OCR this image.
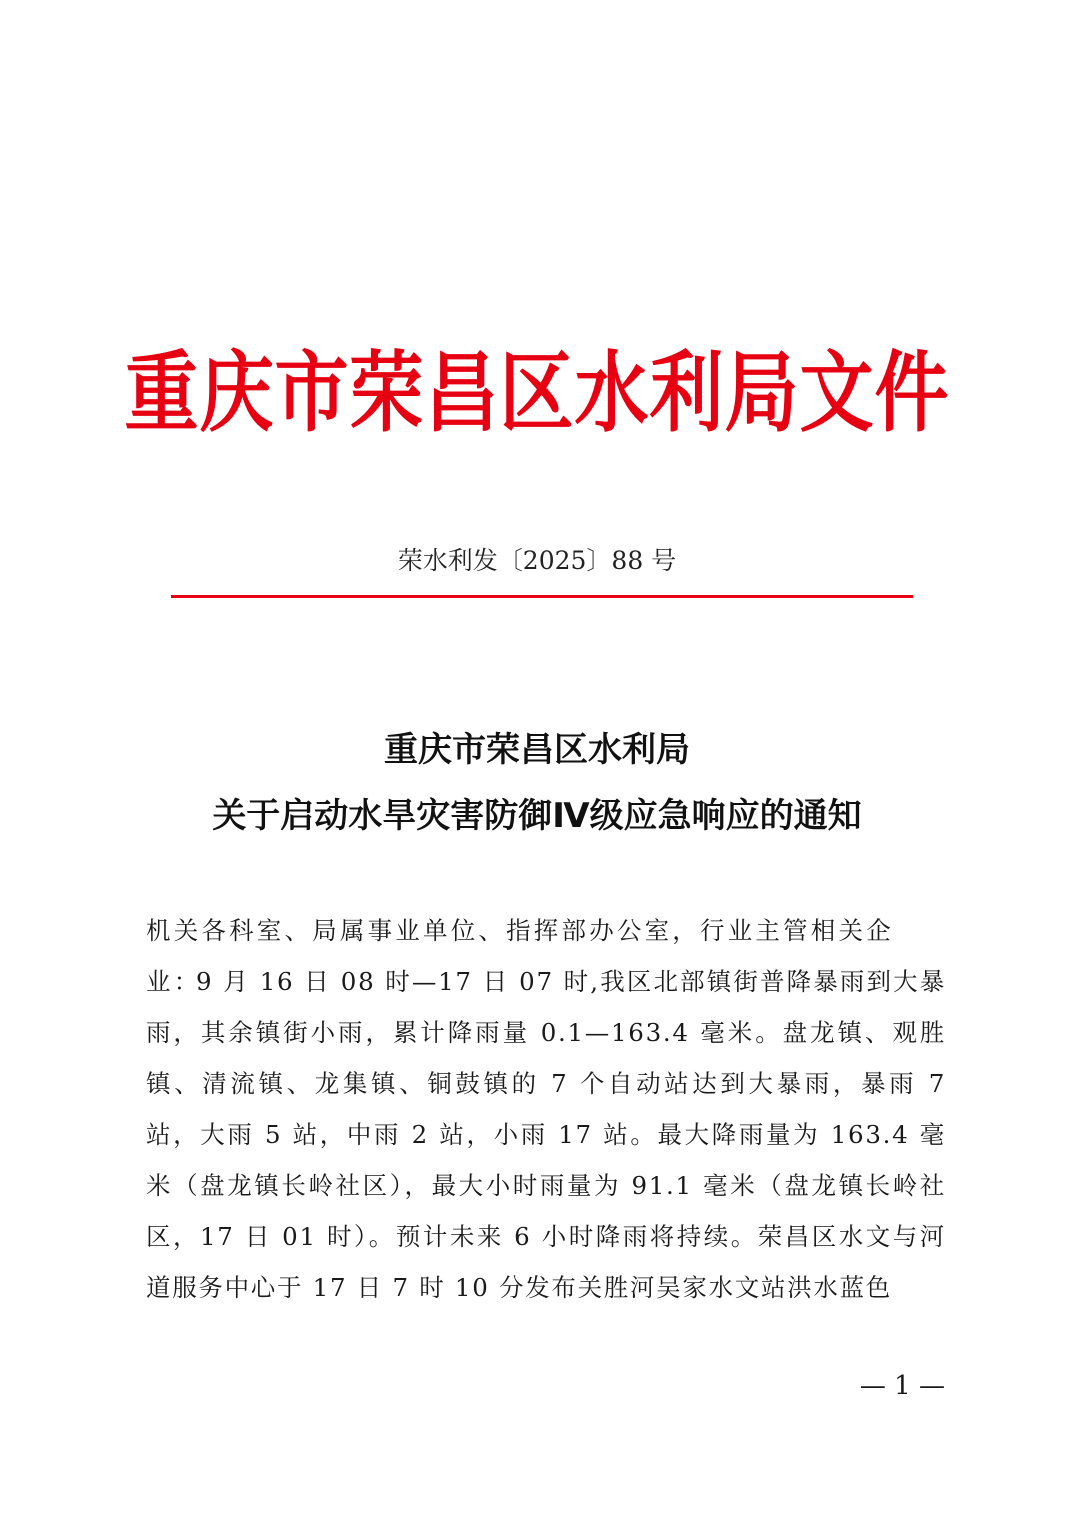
重庆市荣昌区水利局文件
荣水利发〔2025〕88 号
重庆市荣昌区水利局
关于启动水旱灾害防御Ⅳ级应急响应的通知
机关各科室、局属事业单位、指挥部办公室，行业主管相关企业：
9 月 16 日 08 时—17 日 07 时,我区北部镇街普降暴雨到大暴雨，其余镇街小雨，累计降雨量 0.1—163.4 毫米。盘龙镇、观胜镇、清流镇、龙集镇、铜鼓镇的 7 个自动站达到大暴雨，暴雨 7 站，大雨 5 站，中雨 2 站，小雨 17 站。最大降雨量为 163.4 毫米（盘龙镇长岭社区），最大小时雨量为 91.1 毫米（盘龙镇长岭社区，17 日 01 时）。预计未来 6 小时降雨将持续。荣昌区水文与河道服务中心于 17 日 7 时 10 分发布关胜河吴家水文站洪水蓝色
— 1 —
